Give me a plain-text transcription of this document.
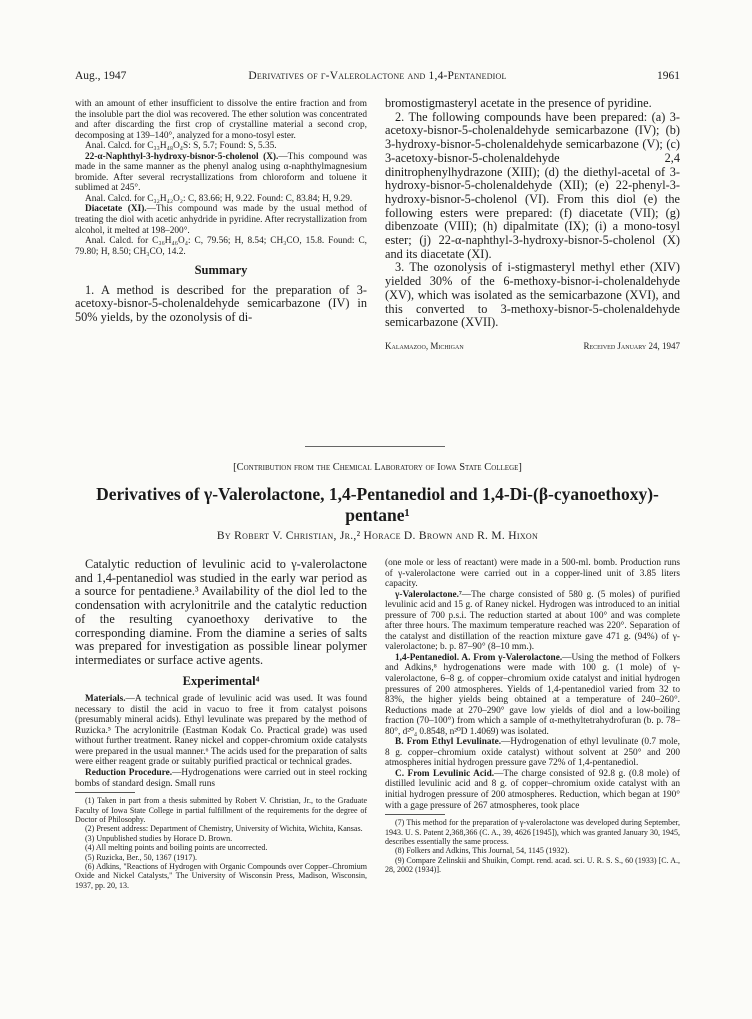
Aug., 1947	Derivatives of γ-Valerolactone and 1,4-Pentanediol	1961

with an amount of ether insufficient to dissolve the entire fraction and from the insoluble part the diol was recovered. The ether solution was concentrated and after discarding the first crop of crystalline material a second crop, decomposing at 139–140°, analyzed for a mono-tosyl ester.

Anal. Calcd. for C₃₃H₄₈O₄S: S, 5.7; Found: S, 5.35.

22-α-Naphthyl-3-hydroxy-bisnor-5-cholenol (X).—This compound was made in the same manner as the phenyl analog using α-naphthylmagnesium bromide. After several recrystallizations from chloroform and toluene it sublimed at 245°.

Anal. Calcd. for C₃₂H₄₂O₂: C, 83.66; H, 9.22. Found: C, 83.84; H, 9.29.

Diacetate (XI).—This compound was made by the usual method of treating the diol with acetic anhydride in pyridine. After recrystallization from alcohol, it melted at 198–200°.

Anal. Calcd. for C₃₆H₄₆O₄: C, 79.56; H, 8.54; CH₃CO, 15.8. Found: C, 79.80; H, 8.50; CH₃CO, 14.2.

Summary

1. A method is described for the preparation of 3-acetoxy-bisnor-5-cholenaldehyde semicarbazone (IV) in 50% yields, by the ozonolysis of di-

bromostigmasteryl acetate in the presence of pyridine.

2. The following compounds have been prepared: (a) 3-acetoxy-bisnor-5-cholenaldehyde semicarbazone (IV); (b) 3-hydroxy-bisnor-5-cholenaldehyde semicarbazone (V); (c) 3-acetoxy-bisnor-5-cholenaldehyde 2,4 dinitrophenylhydrazone (XIII); (d) the diethyl-acetal of 3-hydroxy-bisnor-5-cholenaldehyde (XII); (e) 22-phenyl-3-hydroxy-bisnor-5-cholenol (VI). From this diol (e) the following esters were prepared: (f) diacetate (VII); (g) dibenzoate (VIII); (h) dipalmitate (IX); (i) a mono-tosyl ester; (j) 22-α-naphthyl-3-hydroxy-bisnor-5-cholenol (X) and its diacetate (XI).

3. The ozonolysis of i-stigmasteryl methyl ether (XIV) yielded 30% of the 6-methoxy-bisnor-i-cholenaldehyde (XV), which was isolated as the semicarbazone (XVI), and this converted to 3-methoxy-bisnor-5-cholenaldehyde semicarbazone (XVII).

Kalamazoo, Michigan	Received January 24, 1947
[Contribution from the Chemical Laboratory of Iowa State College]
Derivatives of γ-Valerolactone, 1,4-Pentanediol and 1,4-Di-(β-cyanoethoxy)-
pentane¹
By Robert V. Christian, Jr.,² Horace D. Brown and R. M. Hixon

Catalytic reduction of levulinic acid to γ-valerolactone and 1,4-pentanediol was studied in the early war period as a source for pentadiene.³ Availability of the diol led to the condensation with acrylonitrile and the catalytic reduction of the resulting cyanoethoxy derivative to the corresponding diamine. From the diamine a series of salts was prepared for investigation as possible linear polymer intermediates or surface active agents.

Experimental⁴

Materials.—A technical grade of levulinic acid was used. It was found necessary to distil the acid in vacuo to free it from catalyst poisons (presumably mineral acids). Ethyl levulinate was prepared by the method of Ruzicka.⁵ The acrylonitrile (Eastman Kodak Co. Practical grade) was used without further treatment. Raney nickel and copper-chromium oxide catalysts were prepared in the usual manner.⁶ The acids used for the preparation of salts were either reagent grade or suitably purified practical or technical grades.

Reduction Procedure.—Hydrogenations were carried out in steel rocking bombs of standard design. Small runs

(1) Taken in part from a thesis submitted by Robert V. Christian, Jr., to the Graduate Faculty of Iowa State College in partial fulfillment of the requirements for the degree of Doctor of Philosophy.

(2) Present address: Department of Chemistry, University of Wichita, Wichita, Kansas.

(3) Unpublished studies by Horace D. Brown.

(4) All melting points and boiling points are uncorrected.

(5) Ruzicka, Ber., 50, 1367 (1917).

(6) Adkins, "Reactions of Hydrogen with Organic Compounds over Copper–Chromium Oxide and Nickel Catalysts," The University of Wisconsin Press, Madison, Wisconsin, 1937, pp. 20, 13.

(one mole or less of reactant) were made in a 500-ml. bomb. Production runs of γ-valerolactone were carried out in a copper-lined unit of 3.85 liters capacity.

γ-Valerolactone.⁷—The charge consisted of 580 g. (5 moles) of purified levulinic acid and 15 g. of Raney nickel. Hydrogen was introduced to an initial pressure of 700 p.s.i. The reduction started at about 100° and was complete after three hours. The maximum temperature reached was 220°. Separation of the catalyst and distillation of the reaction mixture gave 471 g. (94%) of γ-valerolactone; b. p. 87–90° (8–10 mm.).

1,4-Pentanediol. A. From γ-Valerolactone.—Using the method of Folkers and Adkins,⁸ hydrogenations were made with 100 g. (1 mole) of γ-valerolactone, 6–8 g. of copper–chromium oxide catalyst and initial hydrogen pressures of 200 atmospheres. Yields of 1,4-pentanediol varied from 32 to 83%, the higher yields being obtained at a temperature of 240–260°. Reductions made at 270–290° gave low yields of diol and a low-boiling fraction (70–100°) from which a sample of α-methyltetrahydrofuran (b. p. 78–80°, d²⁰₄ 0.8548, n²⁰D 1.4069) was isolated.

B. From Ethyl Levulinate.—Hydrogenation of ethyl levulinate (0.7 mole, 8 g. copper–chromium oxide catalyst) without solvent at 250° and 200 atmospheres initial hydrogen pressure gave 72% of 1,4-pentanediol.

C. From Levulinic Acid.—The charge consisted of 92.8 g. (0.8 mole) of distilled levulinic acid and 8 g. of copper–chromium oxide catalyst with an initial hydrogen pressure of 200 atmospheres. Reduction, which began at 190° with a gage pressure of 267 atmospheres, took place

(7) This method for the preparation of γ-valerolactone was developed during September, 1943. U. S. Patent 2,368,366 (C. A., 39, 4626 [1945]), which was granted January 30, 1945, describes essentially the same process.

(8) Folkers and Adkins, This Journal, 54, 1145 (1932).

(9) Compare Zelinskii and Shuikin, Compt. rend. acad. sci. U. R. S. S., 60 (1933) [C. A., 28, 2002 (1934)].
